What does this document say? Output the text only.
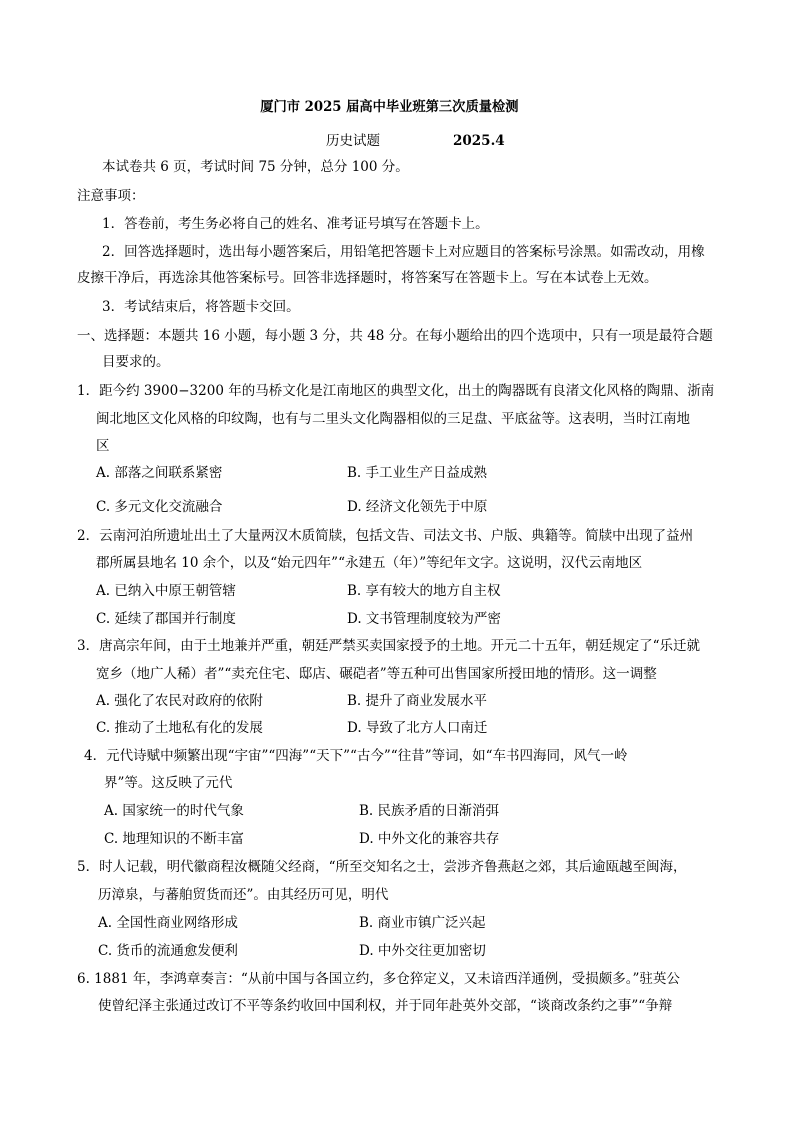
厦门市 2025 届高中毕业班第三次质量检测
历史试题	2025.4
本试卷共 6 页，考试时间 75 分钟，总分 100 分。
注意事项：
1．答卷前，考生务必将自己的姓名、准考证号填写在答题卡上。
2．回答选择题时，选出每小题答案后，用铅笔把答题卡上对应题目的答案标号涂黑。如需改动，用橡
皮擦干净后，再选涂其他答案标号。回答非选择题时，将答案写在答题卡上。写在本试卷上无效。
3．考试结束后，将答题卡交回。
一、选择题：本题共 16 小题，每小题 3 分，共 48 分。在每小题给出的四个选项中，只有一项是最符合题
目要求的。
1．距今约 3900−3200 年的马桥文化是江南地区的典型文化，出土的陶器既有良渚文化风格的陶鼎、浙南
闽北地区文化风格的印纹陶，也有与二里头文化陶器相似的三足盘、平底盆等。这表明，当时江南地
区
A. 部落之间联系紧密	B. 手工业生产日益成熟
C. 多元文化交流融合	D. 经济文化领先于中原
2．云南河泊所遗址出土了大量两汉木质简牍，包括文告、司法文书、户版、典籍等。简牍中出现了益州
郡所属县地名 10 余个，以及“始元四年”“永建五（年）”等纪年文字。这说明，汉代云南地区
A. 已纳入中原王朝管辖	B. 享有较大的地方自主权
C. 延续了郡国并行制度	D. 文书管理制度较为严密
3．唐高宗年间，由于土地兼并严重，朝廷严禁买卖国家授予的土地。开元二十五年，朝廷规定了“乐迁就
宽乡（地广人稀）者”“卖充住宅、邸店、碾硙者”等五种可出售国家所授田地的情形。这一调整
A. 强化了农民对政府的依附	B. 提升了商业发展水平
C. 推动了土地私有化的发展	D. 导致了北方人口南迁
4．元代诗赋中频繁出现“宇宙”“四海”“天下”“古今”“往昔”等词，如“车书四海同，风气一岭
界”等。这反映了元代
A. 国家统一的时代气象	B. 民族矛盾的日渐消弭
C. 地理知识的不断丰富	D. 中外文化的兼容共存
5．时人记载，明代徽商程汝概随父经商，“所至交知名之士，尝涉齐鲁燕赵之郊，其后逾瓯越至闽海，
历漳泉，与蕃舶贸货而还”。由其经历可见，明代
A. 全国性商业网络形成	B. 商业市镇广泛兴起
C. 货币的流通愈发便利	D. 中外交往更加密切
6. 1881 年，李鸿章奏言：“从前中国与各国立约，多仓猝定义，又未谙西洋通例，受损颇多。”驻英公
使曾纪泽主张通过改订不平等条约收回中国利权，并于同年赴英外交部，“谈商改条约之事”“争辩
